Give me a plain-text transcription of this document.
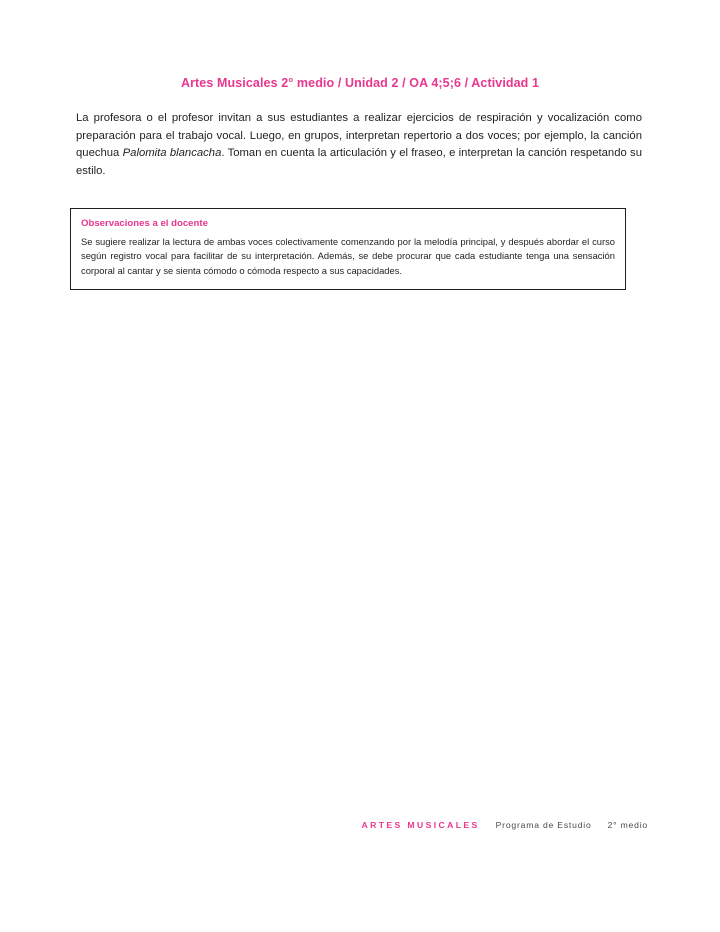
Artes Musicales 2° medio / Unidad 2 / OA 4;5;6 / Actividad 1
La profesora o el profesor invitan a sus estudiantes a realizar ejercicios de respiración y vocalización como preparación para el trabajo vocal. Luego, en grupos, interpretan repertorio a dos voces; por ejemplo, la canción quechua Palomita blancacha. Toman en cuenta la articulación y el fraseo, e interpretan la canción respetando su estilo.
Observaciones a el docente
Se sugiere realizar la lectura de ambas voces colectivamente comenzando por la melodía principal, y después abordar el curso según registro vocal para facilitar de su interpretación. Además, se debe procurar que cada estudiante tenga una sensación corporal al cantar y se sienta cómodo o cómoda respecto a sus capacidades.
ARTES MUSICALES Programa de Estudio 2° medio
